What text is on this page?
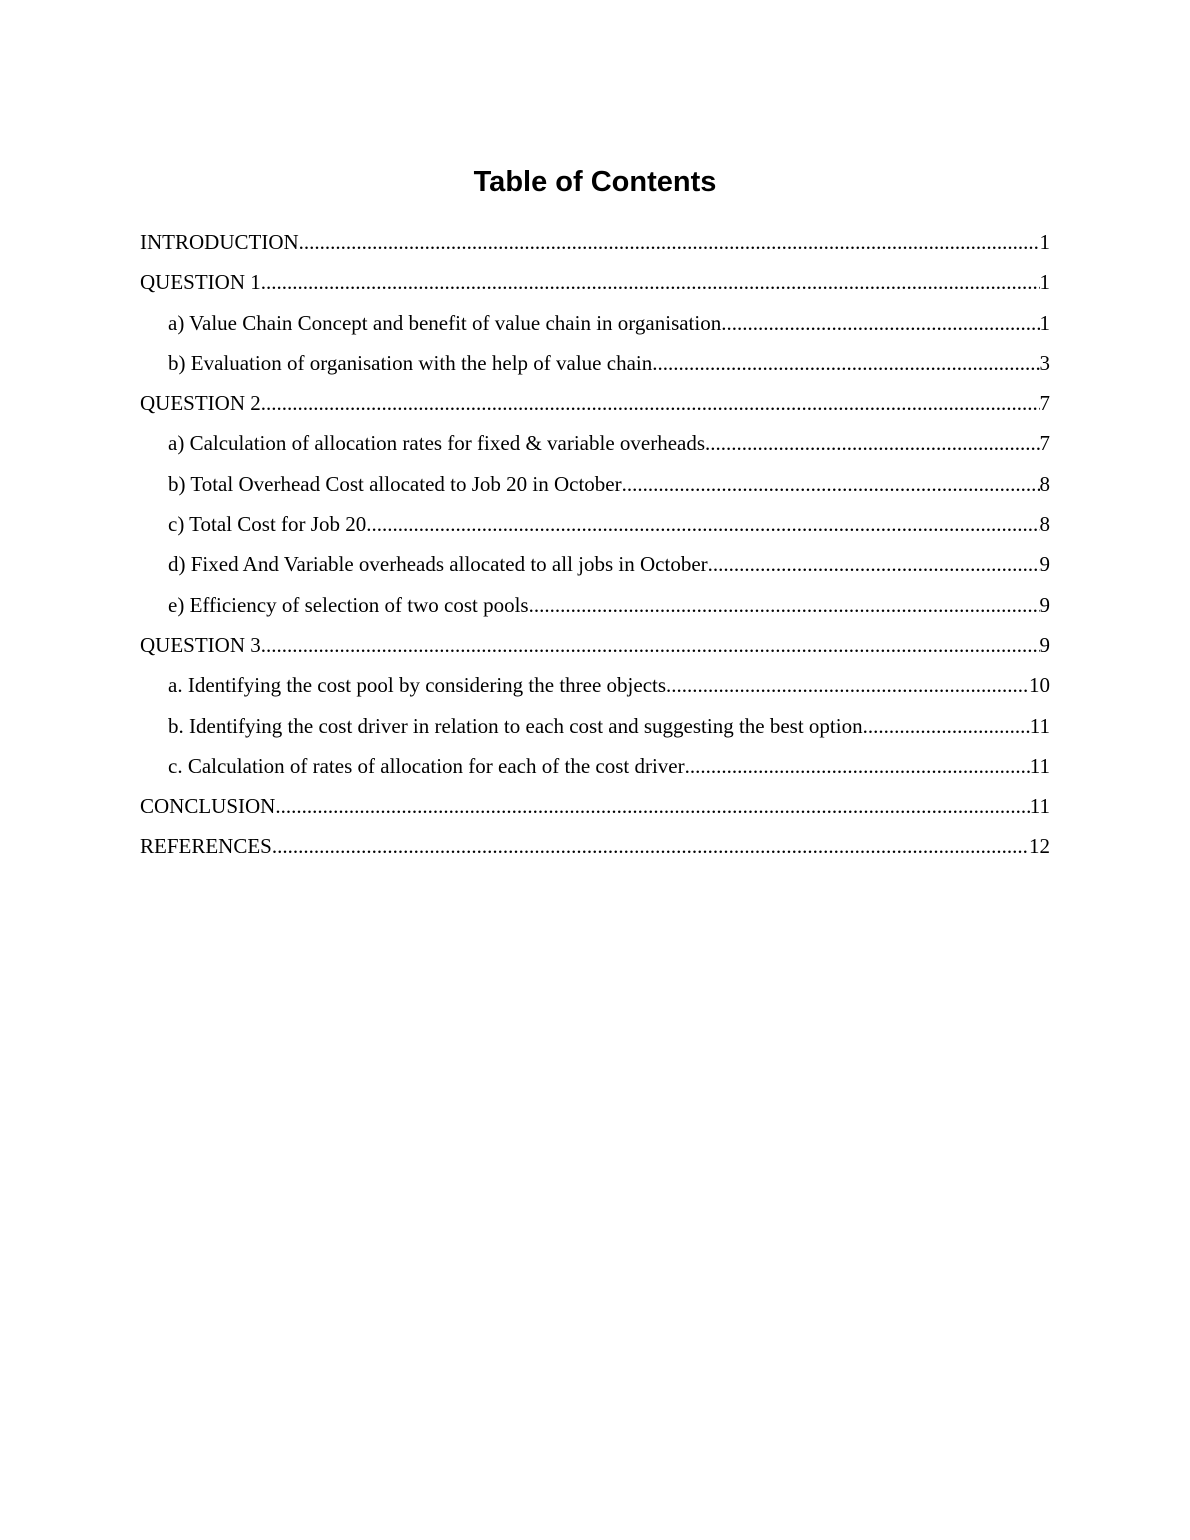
Table of Contents
INTRODUCTION .....	1
QUESTION 1 .....	1
a) Value Chain Concept and benefit of value chain in organisation .....	1
b) Evaluation of organisation with the help of value chain .....	3
QUESTION 2 .....	7
a) Calculation of allocation rates for fixed & variable overheads .....	7
b) Total Overhead Cost allocated to Job 20 in October .....	8
c) Total Cost for Job 20 .....	8
d) Fixed And Variable overheads allocated to all jobs in October .....	9
e) Efficiency of selection of two cost pools .....	9
QUESTION 3 .....	9
a. Identifying the cost pool by considering the three objects .....	10
b. Identifying the cost driver in relation to each cost and suggesting the best option .....	11
c. Calculation of rates of allocation for each of the cost driver .....	11
CONCLUSION .....	11
REFERENCES .....	12
